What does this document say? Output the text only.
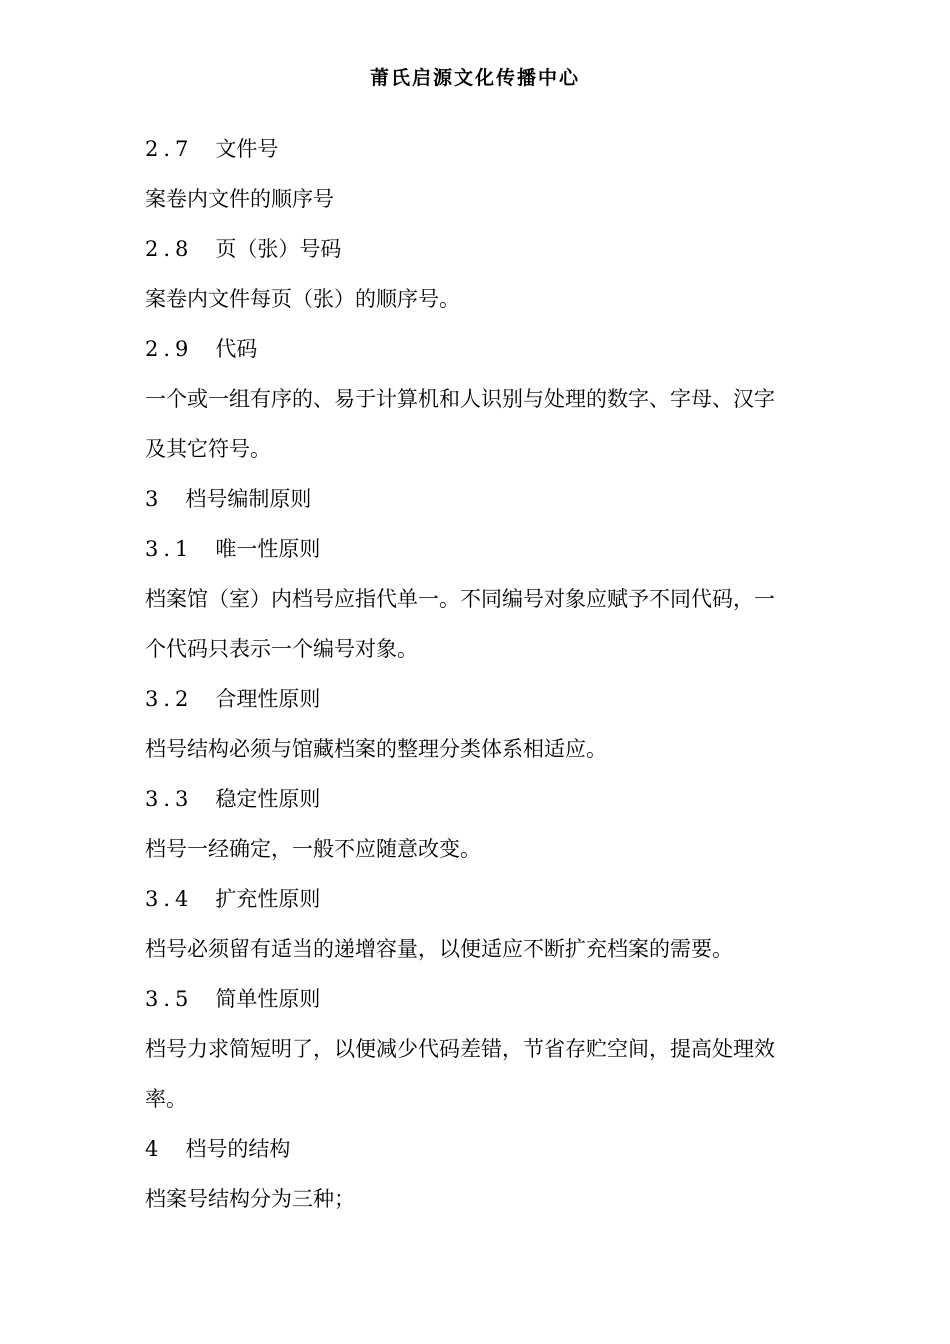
莆氏启源文化传播中心
2.7 文件号
案卷内文件的顺序号
2.8 页（张）号码
案卷内文件每页（张）的顺序号。
2.9 代码
一个或一组有序的、易于计算机和人识别与处理的数字、字母、汉字
及其它符号。
3 档号编制原则
3.1 唯一性原则
档案馆（室）内档号应指代单一。不同编号对象应赋予不同代码，一
个代码只表示一个编号对象。
3.2 合理性原则
档号结构必须与馆藏档案的整理分类体系相适应。
3.3 稳定性原则
档号一经确定，一般不应随意改变。
3.4 扩充性原则
档号必须留有适当的递增容量，以便适应不断扩充档案的需要。
3.5 简单性原则
档号力求简短明了，以便减少代码差错，节省存贮空间，提高处理效
率。
4 档号的结构
档案号结构分为三种；
